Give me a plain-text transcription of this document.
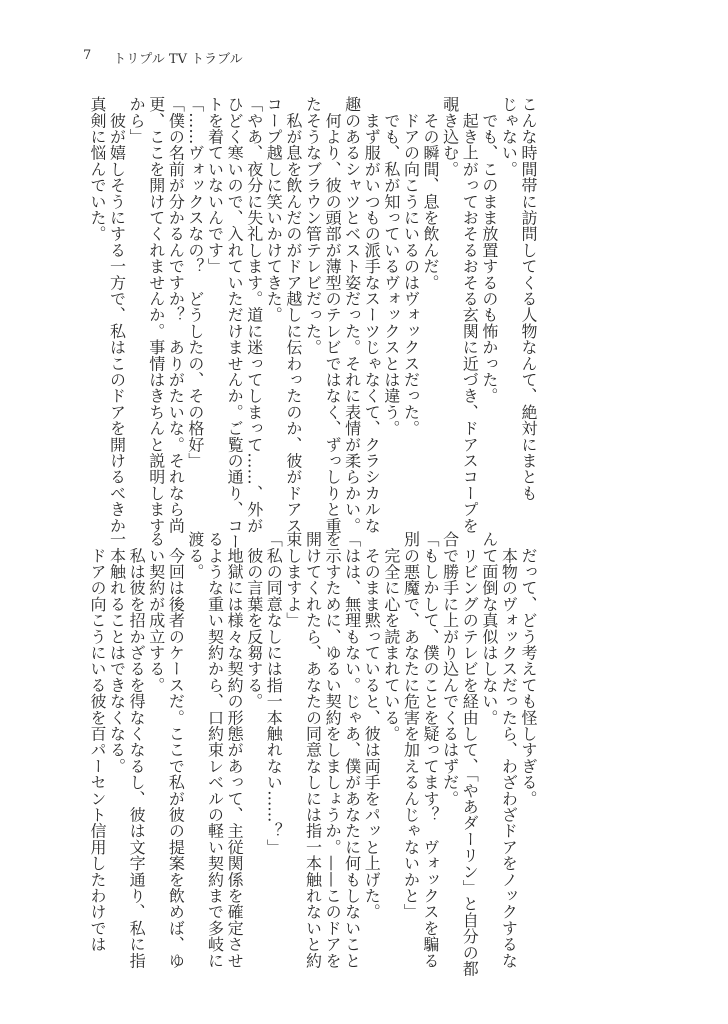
7 トリプル TV トラブル
こんな時間帯に訪問してくる人物なんて、絶対にまとも
じゃない。
　でも、このまま放置するのも怖かった。
　起き上がっておそるおそる玄関に近づき、ドアスコープを
覗き込む。
　その瞬間、息を飲んだ。
　ドアの向こうにいるのはヴォックスだった。
　でも、私が知っているヴォックスとは違う。
　まず服がいつもの派手なスーツじゃなくて、クラシカルな
趣のあるシャツとベスト姿だった。それに表情が柔らかい。
　何より、彼の頭部が薄型のテレビではなく、ずっしりと重
たそうなブラウン管テレビだった。
　私が息を飲んだのがドア越しに伝わったのか、彼がドアス
コープ越しに笑いかけてきた。
「やあ、夜分に失礼します。道に迷ってしまって……、外が
ひどく寒いので、入れていただけませんか。ご覧の通り、コー
トを着ていないんです」
「……ヴォックスなの？　どうしたの、その格好」
「僕の名前が分かるんですか？　ありがたいな。それなら尚
更、ここを開けてくれませんか。事情はきちんと説明します
から」
　彼が嬉しそうにする一方で、私はこのドアを開けるべきか
真剣に悩んでいた。
　だって、どう考えても怪しすぎる。
　本物のヴォックスだったら、わざわざドアをノックするな
んて面倒な真似はしない。
　リビングのテレビを経由して、「やあダーリン」と自分の都
合で勝手に上がり込んでくるはずだ。
「もしかして、僕のことを疑ってます？　ヴォックスを騙る
別の悪魔で、あなたに危害を加えるんじゃないかと」
　完全に心を読まれている。
　そのまま黙っていると、彼は両手をパッと上げた。
「はは、無理もない。じゃあ、僕があなたに何もしないこと
を示すために、ゆるい契約をしましょうか。——このドアを
開けてくれたら、あなたの同意なしには指一本触れないと約
束しますよ」
「私の同意なしには指一本触れない……？」
　彼の言葉を反芻する。
　地獄には様々な契約の形態があって、主従関係を確定させ
るような重い契約から、口約束レベルの軽い契約まで多岐に
渡る。
　今回は後者のケースだ。ここで私が彼の提案を飲めば、ゆ
るい契約が成立する。
　私は彼を招かざるを得なくなるし、彼は文字通り、私に指
一本触れることはできなくなる。
　ドアの向こうにいる彼を百パーセント信用したわけでは
